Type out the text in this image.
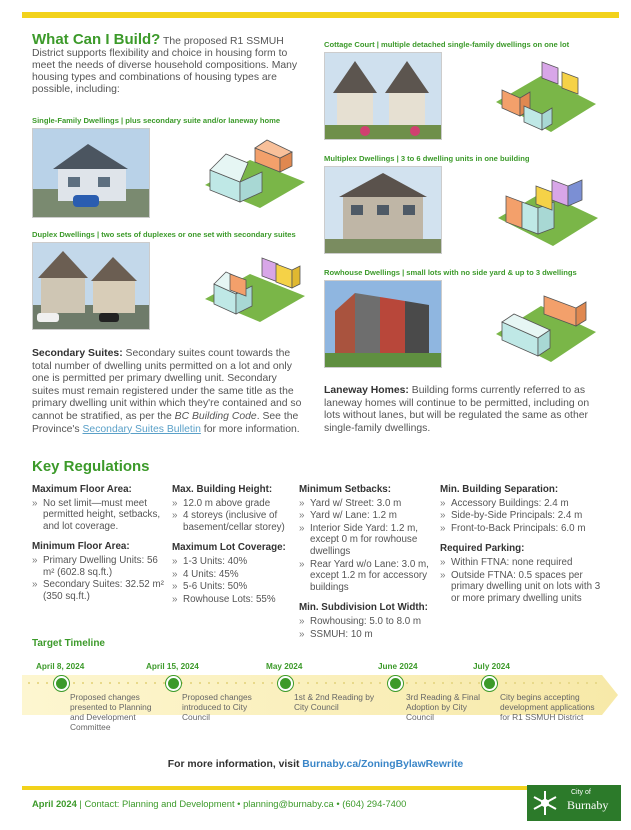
What Can I Build? The proposed R1 SSMUH District supports flexibility and choice in housing form to meet the needs of diverse household compositions. Many housing types and combinations of housing types are possible, including:
Single-Family Dwellings | plus secondary suite and/or laneway home
Duplex Dwellings | two sets of duplexes or one set with secondary suites
Cottage Court | multiple detached single-family dwellings on one lot
Multiplex Dwellings | 3 to 6 dwelling units in one building
Rowhouse Dwellings | small lots with no side yard & up to 3 dwellings
Secondary Suites: Secondary suites count towards the total number of dwelling units permitted on a lot and only one is permitted per primary dwelling unit. Secondary suites must remain registered under the same title as the primary dwelling unit within which they're contained and so cannot be stratified, as per the BC Building Code. See the Province's Secondary Suites Bulletin for more information.
Laneway Homes: Building forms currently referred to as laneway homes will continue to be permitted, including on lots without lanes, but will be regulated the same as other single-family dwellings.
Key Regulations
Maximum Floor Area:
» No set limit—must meet permitted height, setbacks, and lot coverage.
Minimum Floor Area:
» Primary Dwelling Units: 56 m² (602.8 sq.ft.)
» Secondary Suites: 32.52 m² (350 sq.ft.)
Max. Building Height:
» 12.0 m above grade
» 4 storeys (inclusive of basement/cellar storey)
Maximum Lot Coverage:
» 1-3 Units: 40%
» 4 Units: 45%
» 5-6 Units: 50%
» Rowhouse Lots: 55%
Minimum Setbacks:
» Yard w/ Street: 3.0 m
» Yard w/ Lane: 1.2 m
» Interior Side Yard: 1.2 m, except 0 m for rowhouse dwellings
» Rear Yard w/o Lane: 3.0 m, except 1.2 m for accessory buildings
Min. Subdivision Lot Width:
» Rowhousing: 5.0 to 8.0 m
» SSMUH: 10 m
Min. Building Separation:
» Accessory Buildings: 2.4 m
» Side-by-Side Principals: 2.4 m
» Front-to-Back Principals: 6.0 m
Required Parking:
» Within FTNA: none required
» Outside FTNA: 0.5 spaces per primary dwelling unit on lots with 3 or more primary dwelling units
Target Timeline
April 8, 2024	April 15, 2024	May 2024	June 2024	July 2024
Proposed changes presented to Planning and Development Committee
Proposed changes introduced to City Council
1st & 2nd Reading by City Council
3rd Reading & Final Adoption by City Council
City begins accepting development applications for R1 SSMUH District
For more information, visit Burnaby.ca/ZoningBylawRewrite
April 2024 | Contact: Planning and Development • planning@burnaby.ca • (604) 294-7400
City of
Burnaby
